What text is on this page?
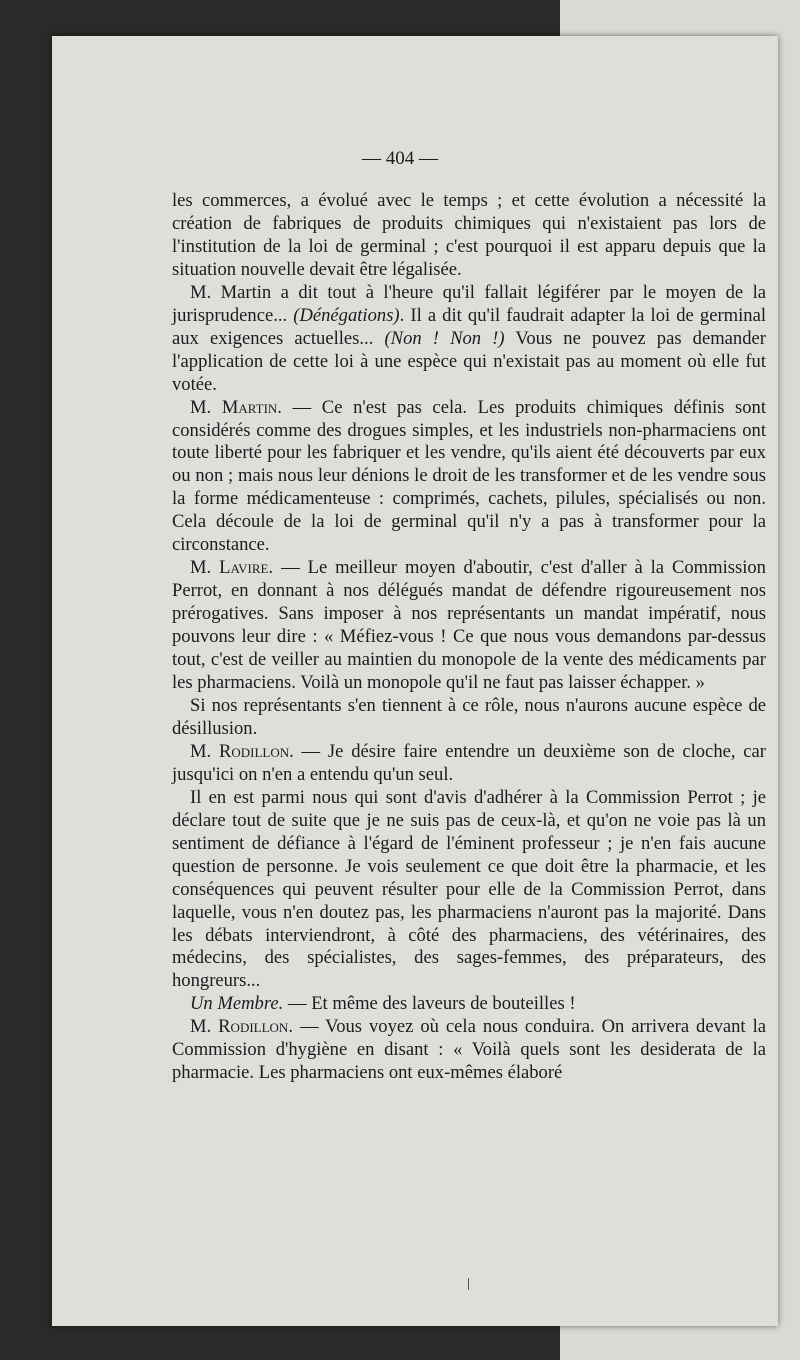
— 404 —

les commerces, a évolué avec le temps ; et cette évolution a nécessité la création de fabriques de produits chimiques qui n'existaient pas lors de l'institution de la loi de germinal ; c'est pourquoi il est apparu depuis que la situation nouvelle devait être légalisée.

M. Martin a dit tout à l'heure qu'il fallait légiférer par le moyen de la jurisprudence... (Dénégations). Il a dit qu'il faudrait adapter la loi de germinal aux exigences actuelles... (Non ! Non !) Vous ne pouvez pas demander l'application de cette loi à une espèce qui n'existait pas au moment où elle fut votée.

M. Martin. — Ce n'est pas cela. Les produits chimiques définis sont considérés comme des drogues simples, et les industriels non-pharmaciens ont toute liberté pour les fabriquer et les vendre, qu'ils aient été découverts par eux ou non ; mais nous leur dénions le droit de les transformer et de les vendre sous la forme médicamenteuse : comprimés, cachets, pilules, spécialisés ou non. Cela découle de la loi de germinal qu'il n'y a pas à transformer pour la circonstance.

M. Lavire. — Le meilleur moyen d'aboutir, c'est d'aller à la Commission Perrot, en donnant à nos délégués mandat de défendre rigoureusement nos prérogatives. Sans imposer à nos représentants un mandat impératif, nous pouvons leur dire : « Méfiez-vous ! Ce que nous vous demandons par-dessus tout, c'est de veiller au maintien du monopole de la vente des médicaments par les pharmaciens. Voilà un monopole qu'il ne faut pas laisser échapper. »

Si nos représentants s'en tiennent à ce rôle, nous n'aurons aucune espèce de désillusion.

M. Rodillon. — Je désire faire entendre un deuxième son de cloche, car jusqu'ici on n'en a entendu qu'un seul.

Il en est parmi nous qui sont d'avis d'adhérer à la Commission Perrot ; je déclare tout de suite que je ne suis pas de ceux-là, et qu'on ne voie pas là un sentiment de défiance à l'égard de l'éminent professeur ; je n'en fais aucune question de personne. Je vois seulement ce que doit être la pharmacie, et les conséquences qui peuvent résulter pour elle de la Commission Perrot, dans laquelle, vous n'en doutez pas, les pharmaciens n'auront pas la majorité. Dans les débats interviendront, à côté des pharmaciens, des vétérinaires, des médecins, des spécialistes, des sages-femmes, des préparateurs, des hongreurs...

Un Membre. — Et même des laveurs de bouteilles !

M. Rodillon. — Vous voyez où cela nous conduira. On arrivera devant la Commission d'hygiène en disant : « Voilà quels sont les desiderata de la pharmacie. Les pharmaciens ont eux-mêmes élaboré
